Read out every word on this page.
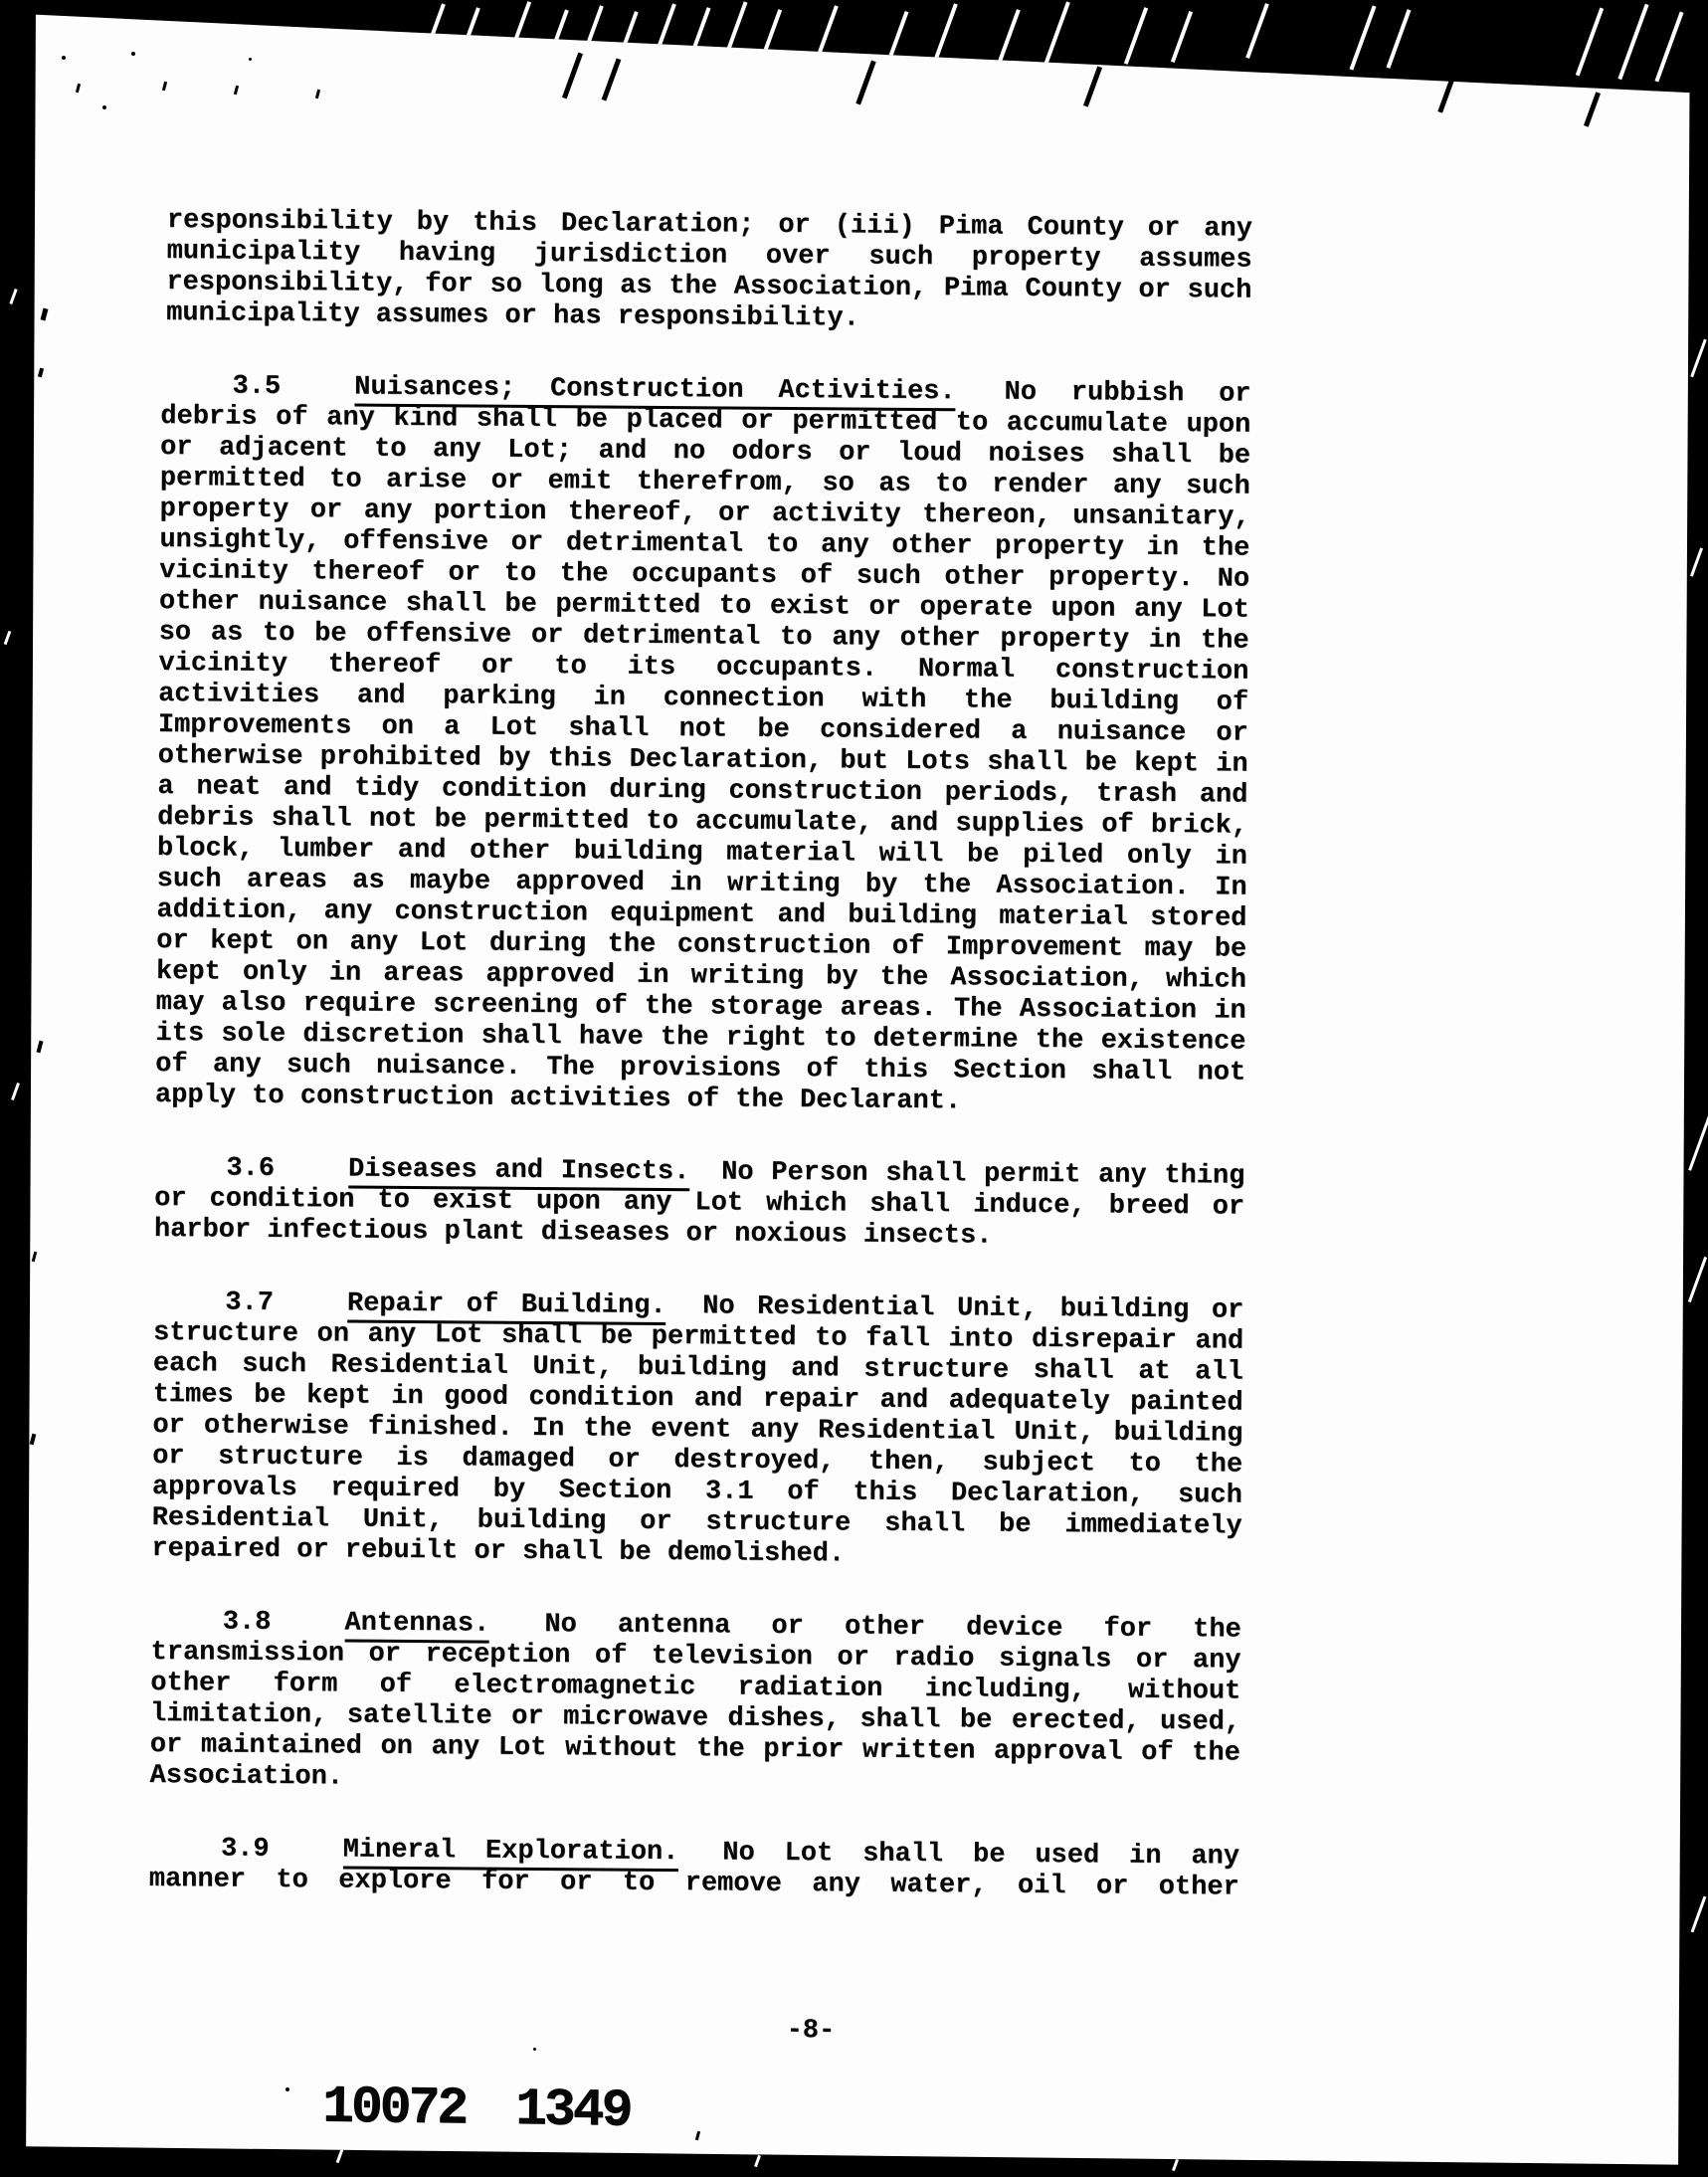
responsibility by this Declaration; or (iii) Pima County or any municipality having jurisdiction over such property assumes responsibility, for so long as the Association, Pima County or such municipality assumes or has responsibility.

3.5	Nuisances; Construction Activities. No rubbish or debris of any kind shall be placed or permitted to accumulate upon or adjacent to any Lot; and no odors or loud noises shall be permitted to arise or emit therefrom, so as to render any such property or any portion thereof, or activity thereon, unsanitary, unsightly, offensive or detrimental to any other property in the vicinity thereof or to the occupants of such other property. No other nuisance shall be permitted to exist or operate upon any Lot so as to be offensive or detrimental to any other property in the vicinity thereof or to its occupants. Normal construction activities and parking in connection with the building of Improvements on a Lot shall not be considered a nuisance or otherwise prohibited by this Declaration, but Lots shall be kept in a neat and tidy condition during construction periods, trash and debris shall not be permitted to accumulate, and supplies of brick, block, lumber and other building material will be piled only in such areas as maybe approved in writing by the Association. In addition, any construction equipment and building material stored or kept on any Lot during the construction of Improvement may be kept only in areas approved in writing by the Association, which may also require screening of the storage areas. The Association in its sole discretion shall have the right to determine the existence of any such nuisance. The provisions of this Section shall not apply to construction activities of the Declarant.

3.6	Diseases and Insects. No Person shall permit any thing or condition to exist upon any Lot which shall induce, breed or harbor infectious plant diseases or noxious insects.

3.7	Repair of Building. No Residential Unit, building or structure on any Lot shall be permitted to fall into disrepair and each such Residential Unit, building and structure shall at all times be kept in good condition and repair and adequately painted or otherwise finished. In the event any Residential Unit, building or structure is damaged or destroyed, then, subject to the approvals required by Section 3.1 of this Declaration, such Residential Unit, building or structure shall be immediately repaired or rebuilt or shall be demolished.

3.8	Antennas. No antenna or other device for the transmission or reception of television or radio signals or any other form of electromagnetic radiation including, without limitation, satellite or microwave dishes, shall be erected, used, or maintained on any Lot without the prior written approval of the Association.

3.9	Mineral Exploration. No Lot shall be used in any manner to explore for or to remove any water, oil or other

-8-

10072 1349
